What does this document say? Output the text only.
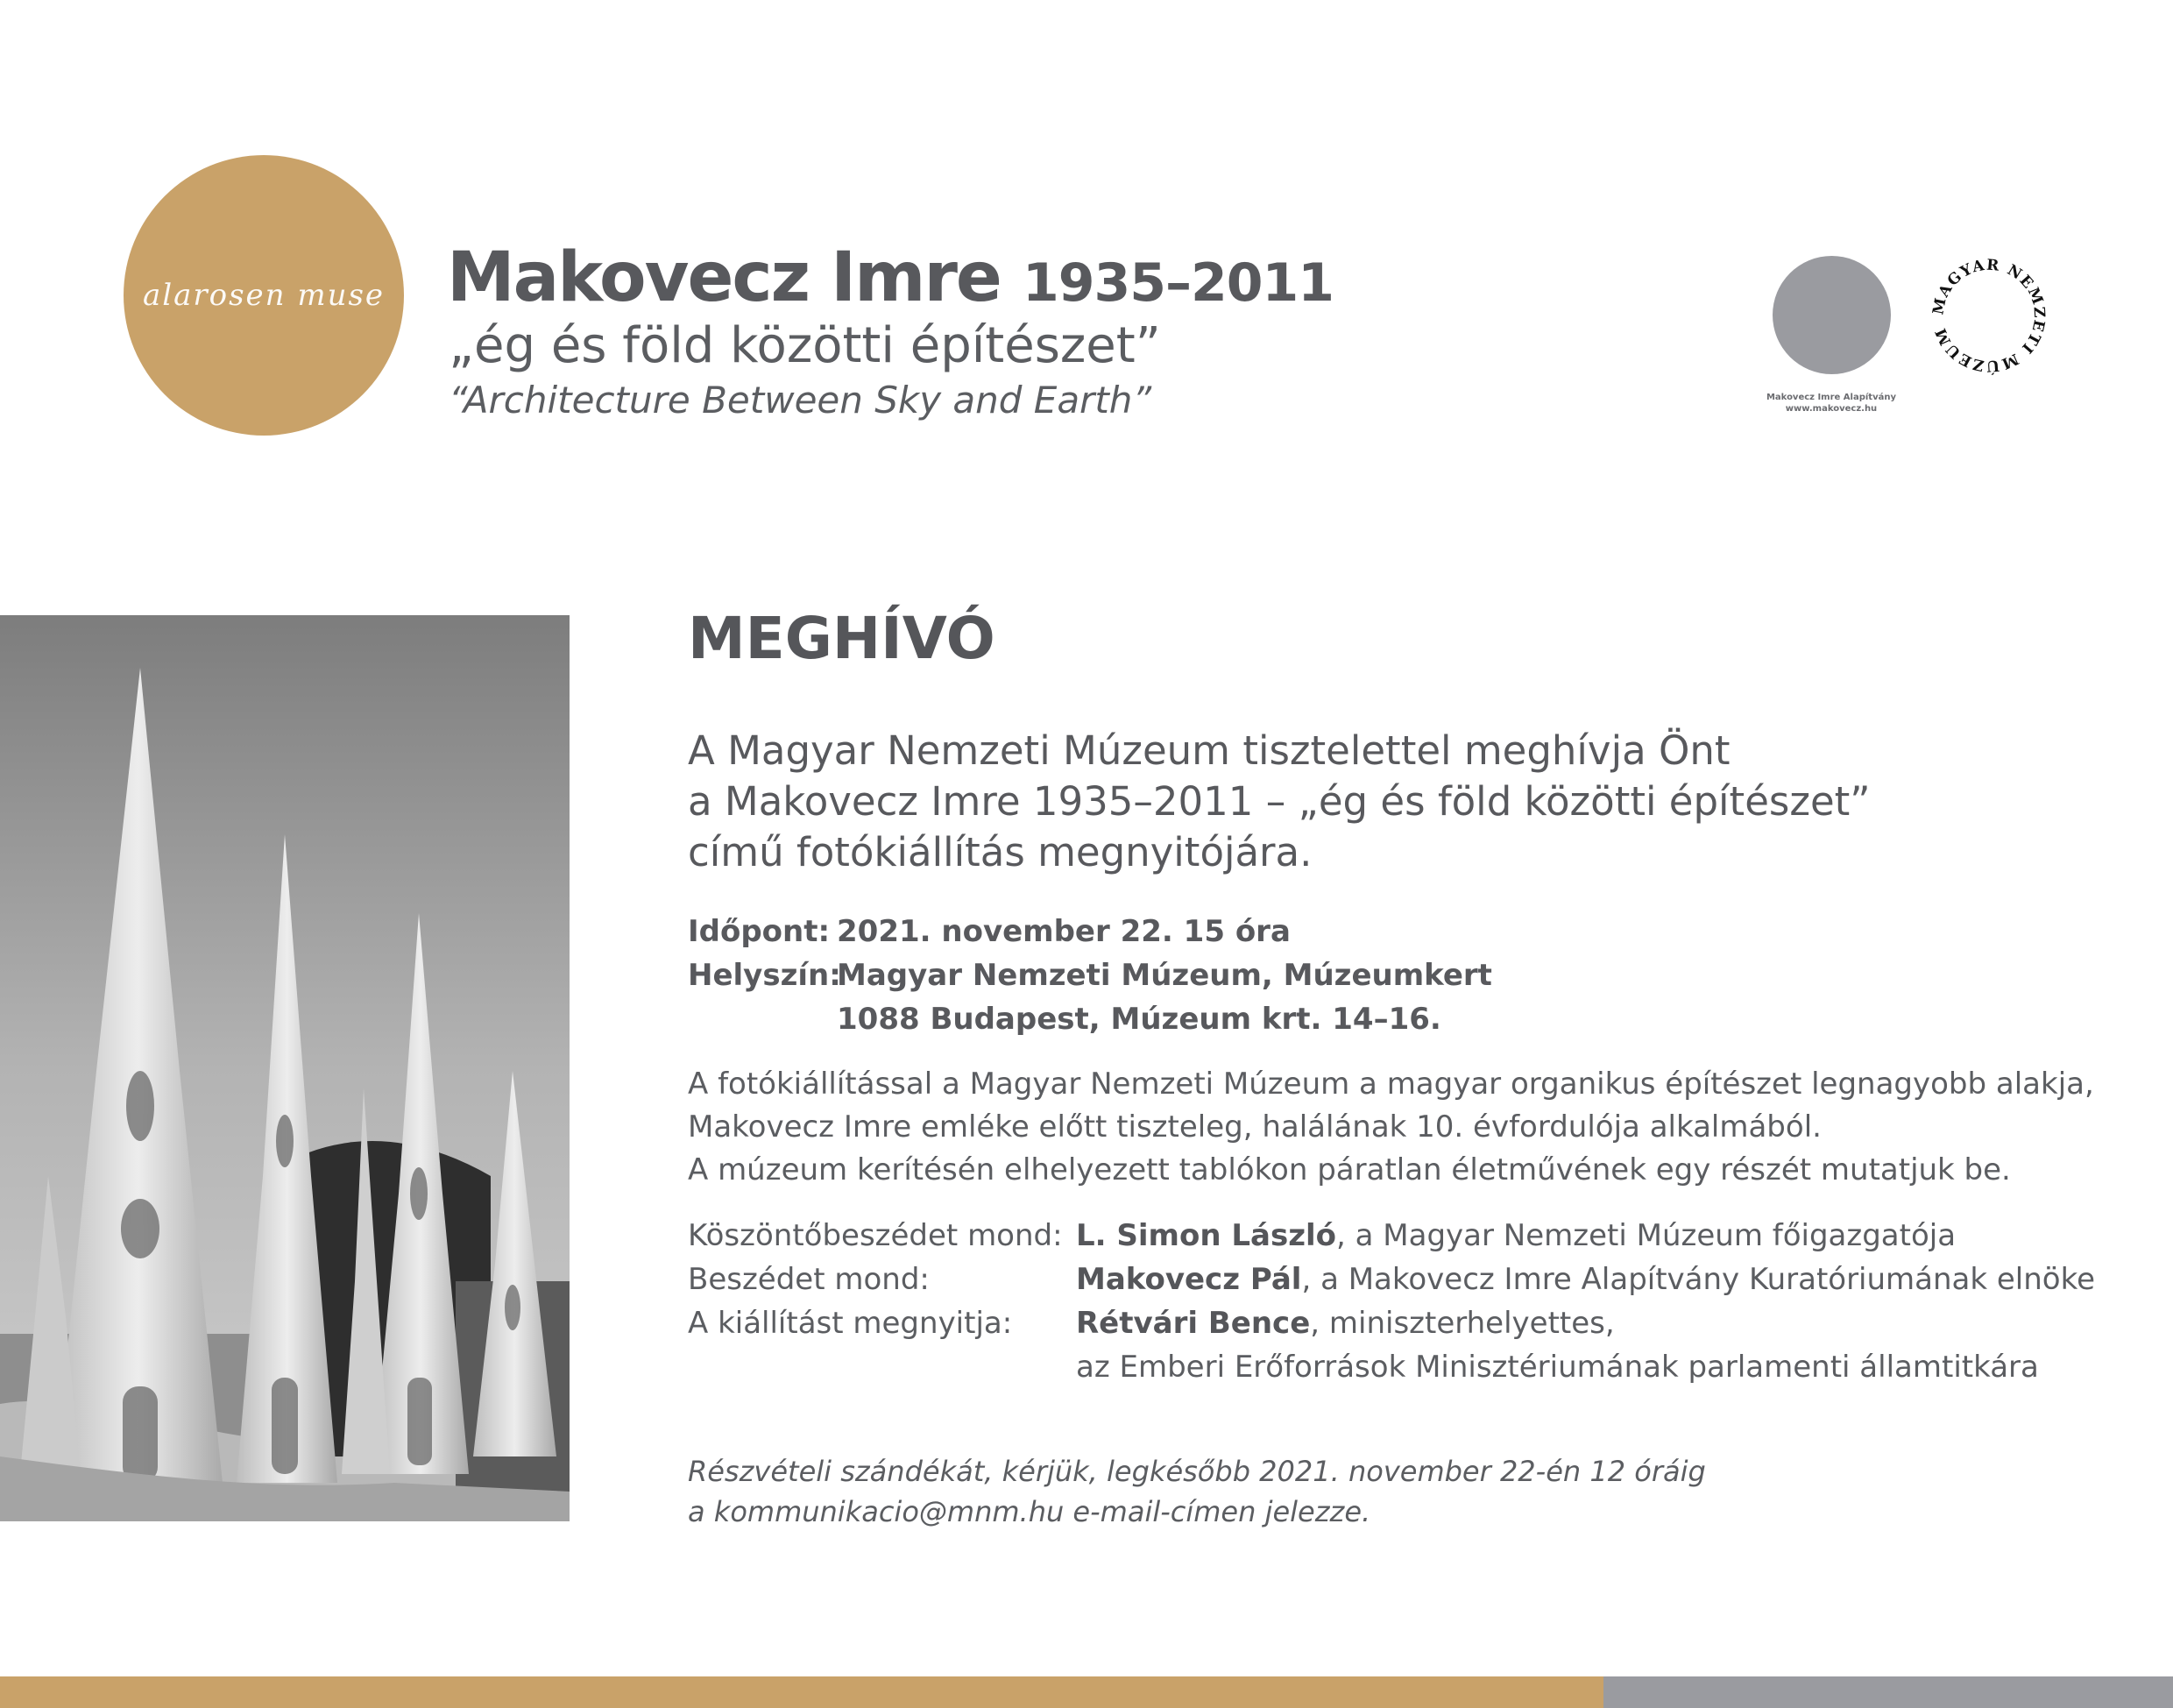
alarosen muse Makovecz Imre 1935–2011
„ég és föld közötti építészet”
“Architecture Between Sky and Earth”	Makovecz Imre Alapítvány
www.makovecz.hu
MAGYAR NEMZETI MÚZEUM
MEGHÍVÓ
A Magyar Nemzeti Múzeum tisztelettel meghívja Önt
a Makovecz Imre 1935–2011 – „ég és föld közötti építészet”
című fotókiállítás megnyitójára.
Időpont: 2021. november 22. 15 óra
Helyszín:
Magyar Nemzeti Múzeum, Múzeumkert
1088 Budapest, Múzeum krt. 14–16.
A fotókiállítással a Magyar Nemzeti Múzeum a magyar organikus építészet legnagyobb alakja,
Makovecz Imre emléke előtt tiszteleg, halálának 10. évfordulója alkalmából.
A múzeum kerítésén elhelyezett tablókon páratlan életművének egy részét mutatjuk be.
Köszöntőbeszédet mond: L. Simon László, a Magyar Nemzeti Múzeum főigazgatója
Beszédet mond:	Makovecz Pál, a Makovecz Imre Alapítvány Kuratóriumának elnöke
A kiállítást megnyitja: Rétvári Bence, miniszterhelyettes,
az Emberi Erőforrások Minisztériumának parlamenti államtitkára
Részvételi szándékát, kérjük, legkésőbb 2021. november 22-én 12 óráig
a kommunikacio@mnm.hu e-mail-címen jelezze.
